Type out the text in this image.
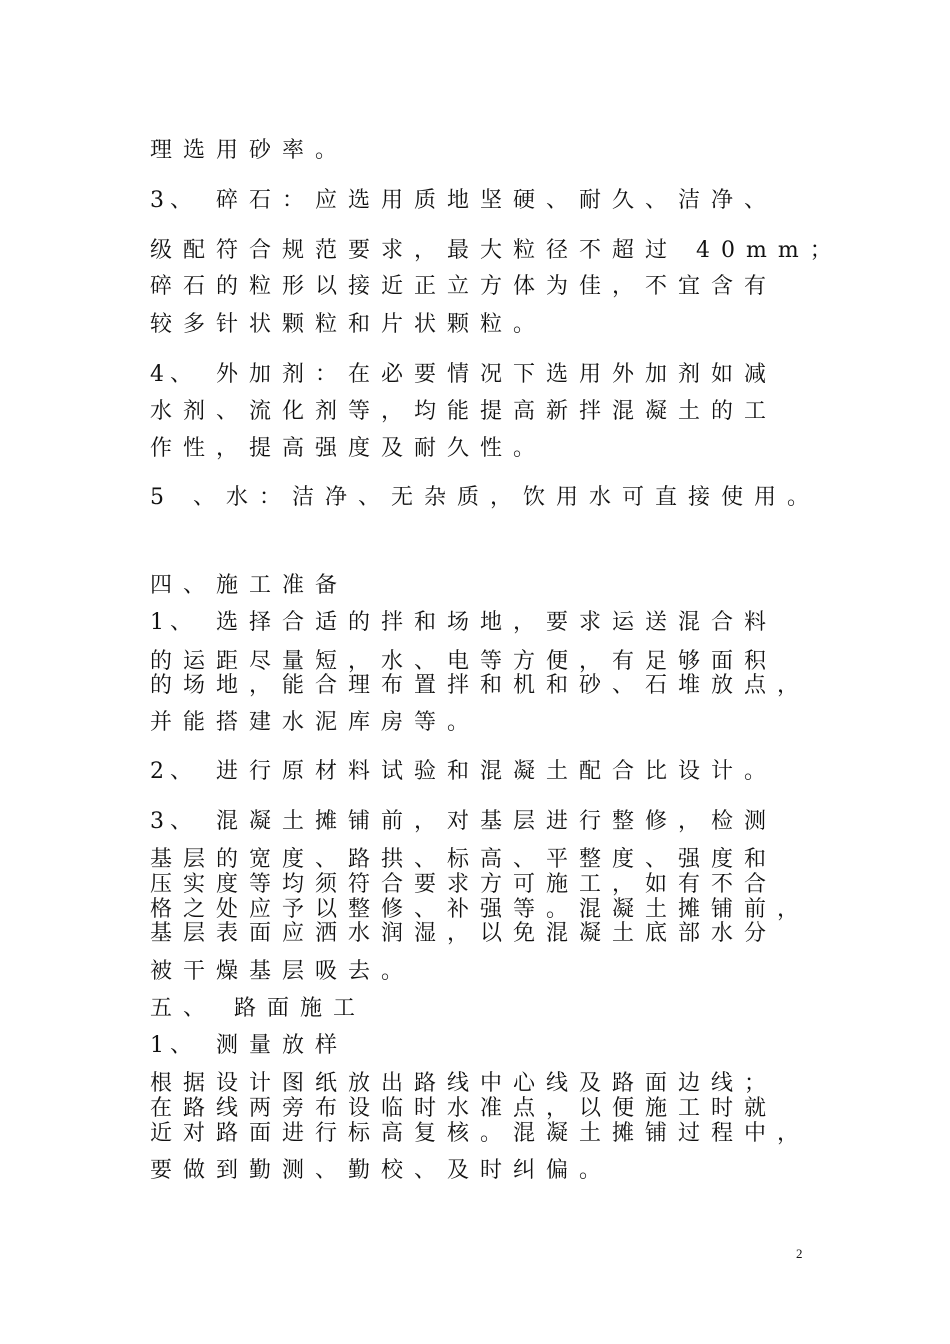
理选用砂率。

3、 碎石：应选用质地坚硬、耐久、洁净、

级配符合规范要求，最大粒径不超过 40mm；

碎石的粒形以接近正立方体为佳，不宜含有

较多针状颗粒和片状颗粒。

4、 外加剂：在必要情况下选用外加剂如减

水剂、流化剂等，均能提高新拌混凝土的工

作性，提高强度及耐久性。

5 、水：洁净、无杂质，饮用水可直接使用。

四、施工准备

1、 选择合适的拌和场地，要求运送混合料

的运距尽量短，水、电等方便，有足够面积

的场地，能合理布置拌和机和砂、石堆放点，

并能搭建水泥库房等。

2、 进行原材料试验和混凝土配合比设计。

3、 混凝土摊铺前，对基层进行整修，检测

基层的宽度、路拱、标高、平整度、强度和

压实度等均须符合要求方可施工，如有不合

格之处应予以整修、补强等。混凝土摊铺前，

基层表面应洒水润湿，以免混凝土底部水分

被干燥基层吸去。

五、 路面施工

1、 测量放样

根据设计图纸放出路线中心线及路面边线；

在路线两旁布设临时水准点，以便施工时就

近对路面进行标高复核。混凝土摊铺过程中，

要做到勤测、勤校、及时纠偏。

2
